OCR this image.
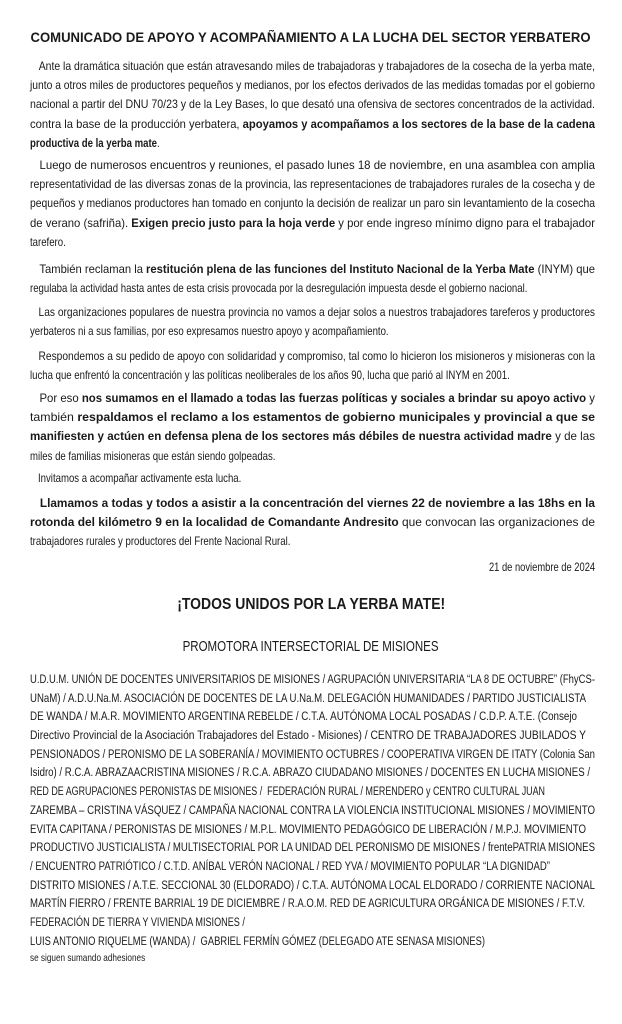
COMUNICADO DE APOYO Y ACOMPAÑAMIENTO A LA LUCHA DEL SECTOR YERBATERO
Ante la dramática situación que están atravesando miles de trabajadoras y trabajadores de la cosecha de la yerba mate,
junto a otros miles de productores pequeños y medianos, por los efectos derivados de las medidas tomadas por el gobierno
nacional a partir del DNU 70/23 y de la Ley Bases, lo que desató una ofensiva de sectores concentrados de la actividad.
contra la base de la producción yerbatera, apoyamos y acompañamos a los sectores de la base de la cadena
productiva de la yerba mate.
Luego de numerosos encuentros y reuniones, el pasado lunes 18 de noviembre, en una asamblea con amplia
representatividad de las diversas zonas de la provincia, las representaciones de trabajadores rurales de la cosecha y de
pequeños y medianos productores han tomado en conjunto la decisión de realizar un paro sin levantamiento de la cosecha
de verano (safriña). Exigen precio justo para la hoja verde y por ende ingreso mínimo digno para el trabajador
tarefero.
También reclaman la restitución plena de las funciones del Instituto Nacional de la Yerba Mate (INYM) que
regulaba la actividad hasta antes de esta crisis provocada por la desregulación impuesta desde el gobierno nacional.
Las organizaciones populares de nuestra provincia no vamos a dejar solos a nuestros trabajadores tareferos y productores
yerbateros ni a sus familias, por eso expresamos nuestro apoyo y acompañamiento.
Respondemos a su pedido de apoyo con solidaridad y compromiso, tal como lo hicieron los misioneros y misioneras con la
lucha que enfrentó la concentración y las políticas neoliberales de los años 90, lucha que parió al INYM en 2001.
Por eso nos sumamos en el llamado a todas las fuerzas políticas y sociales a brindar su apoyo activo y
también respaldamos el reclamo a los estamentos de gobierno municipales y provincial a que se
manifiesten y actúen en defensa plena de los sectores más débiles de nuestra actividad madre y de las
miles de familias misioneras que están siendo golpeadas.
Invitamos a acompañar activamente esta lucha.
Llamamos a todas y todos a asistir a la concentración del viernes 22 de noviembre a las 18hs en la
rotonda del kilómetro 9 en la localidad de Comandante Andresito que convocan las organizaciones de
trabajadores rurales y productores del Frente Nacional Rural.
21 de noviembre de 2024
¡TODOS UNIDOS POR LA YERBA MATE!
PROMOTORA INTERSECTORIAL DE MISIONES
U.D.U.M. UNIÓN DE DOCENTES UNIVERSITARIOS DE MISIONES / AGRUPACIÓN UNIVERSITARIA “LA 8 DE OCTUBRE” (FhyCS-
UNaM) / A.D.U.Na.M. ASOCIACIÓN DE DOCENTES DE LA U.Na.M. DELEGACIÓN HUMANIDADES / PARTIDO JUSTICIALISTA
DE WANDA / M.A.R. MOVIMIENTO ARGENTINA REBELDE / C.T.A. AUTÓNOMA LOCAL POSADAS / C.D.P. A.T.E. (Consejo
Directivo Provincial de la Asociación Trabajadores del Estado - Misiones) / CENTRO DE TRABAJADORES JUBILADOS Y
PENSIONADOS / PERONISMO DE LA SOBERANÍA / MOVIMIENTO OCTUBRES / COOPERATIVA VIRGEN DE ITATY (Colonia San
Isidro) / R.C.A. ABRAZAACRISTINA MISIONES / R.C.A. ABRAZO CIUDADANO MISIONES / DOCENTES EN LUCHA MISIONES /
RED DE AGRUPACIONES PERONISTAS DE MISIONES /  FEDERACIÓN RURAL / MERENDERO y CENTRO CULTURAL JUAN
ZAREMBA – CRISTINA VÁSQUEZ / CAMPAÑA NACIONAL CONTRA LA VIOLENCIA INSTITUCIONAL MISIONES / MOVIMIENTO
EVITA CAPITANA / PERONISTAS DE MISIONES / M.P.L. MOVIMIENTO PEDAGÓGICO DE LIBERACIÓN / M.P.J. MOVIMIENTO
PRODUCTIVO JUSTICIALISTA / MULTISECTORIAL POR LA UNIDAD DEL PERONISMO DE MISIONES / frentePATRIA MISIONES
/ ENCUENTRO PATRIÓTICO / C.T.D. ANÍBAL VERÓN NACIONAL / RED YVA / MOVIMIENTO POPULAR “LA DIGNIDAD”
DISTRITO MISIONES / A.T.E. SECCIONAL 30 (ELDORADO) / C.T.A. AUTÓNOMA LOCAL ELDORADO / CORRIENTE NACIONAL
MARTÍN FIERRO / FRENTE BARRIAL 19 DE DICIEMBRE / R.A.O.M. RED DE AGRICULTURA ORGÁNICA DE MISIONES / F.T.V.
FEDERACIÓN DE TIERRA Y VIVIENDA MISIONES /
LUIS ANTONIO RIQUELME (WANDA) /  GABRIEL FERMÍN GÓMEZ (DELEGADO ATE SENASA MISIONES)
se siguen sumando adhesiones
